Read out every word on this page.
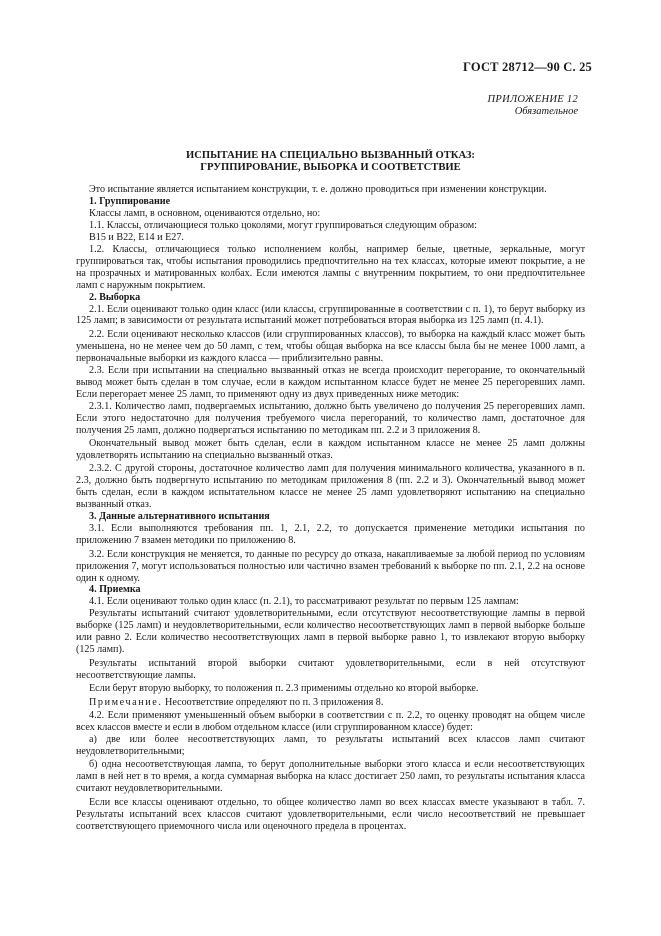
ГОСТ 28712—90 С. 25
ПРИЛОЖЕНИЕ 12
Обязательное
ИСПЫТАНИЕ НА СПЕЦИАЛЬНО ВЫЗВАННЫЙ ОТКАЗ:
ГРУППИРОВАНИЕ, ВЫБОРКА И СООТВЕТСТВИЕ
Это испытание является испытанием конструкции, т. е. должно проводиться при изменении конструкции.
1. Группирование
Классы ламп, в основном, оцениваются отдельно, но:
1.1. Классы, отличающиеся только цоколями, могут группироваться следующим образом:
B15 и B22, E14 и E27.
1.2. Классы, отличающиеся только исполнением колбы, например белые, цветные, зеркальные, могут группироваться так, чтобы испытания проводились предпочтительно на тех классах, которые имеют покрытие, а не на прозрачных и матированных колбах. Если имеются лампы с внутренним покрытием, то они предпочтительнее ламп с наружным покрытием.
2. Выборка
2.1. Если оценивают только один класс (или классы, сгруппированные в соответствии с п. 1), то берут выборку из 125 ламп; в зависимости от результата испытаний может потребоваться вторая выборка из 125 ламп (п. 4.1).
2.2. Если оценивают несколько классов (или сгруппированных классов), то выборка на каждый класс может быть уменьшена, но не менее чем до 50 ламп, с тем, чтобы общая выборка на все классы была бы не менее 1000 ламп, а первоначальные выборки из каждого класса — приблизительно равны.
2.3. Если при испытании на специально вызванный отказ не всегда происходит перегорание, то окончательный вывод может быть сделан в том случае, если в каждом испытанном классе будет не менее 25 перегоревших ламп. Если перегорает менее 25 ламп, то применяют одну из двух приведенных ниже методик:
2.3.1. Количество ламп, подвергаемых испытанию, должно быть увеличено до получения 25 перегоревших ламп. Если этого недостаточно для получения требуемого числа перегораний, то количество ламп, достаточное для получения 25 ламп, должно подвергаться испытанию по методикам пп. 2.2 и 3 приложения 8.
Окончательный вывод может быть сделан, если в каждом испытанном классе не менее 25 ламп должны удовлетворять испытанию на специально вызванный отказ.
2.3.2. С другой стороны, достаточное количество ламп для получения минимального количества, указанного в п. 2.3, должно быть подвергнуто испытанию по методикам приложения 8 (пп. 2.2 и 3). Окончательный вывод может быть сделан, если в каждом испытательном классе не менее 25 ламп удовлетворяют испытанию на специально вызванный отказ.
3. Данные альтернативного испытания
3.1. Если выполняются требования пп. 1, 2.1, 2.2, то допускается применение методики испытания по приложению 7 взамен методики по приложению 8.
3.2. Если конструкция не меняется, то данные по ресурсу до отказа, накапливаемые за любой период по условиям приложения 7, могут использоваться полностью или частично взамен требований к выборке по пп. 2.1, 2.2 на основе один к одному.
4. Приемка
4.1. Если оценивают только один класс (п. 2.1), то рассматривают результат по первым 125 лампам:
Результаты испытаний считают удовлетворительными, если отсутствуют несоответствующие лампы в первой выборке (125 ламп) и неудовлетворительными, если количество несоответствующих ламп в первой выборке больше или равно 2. Если количество несоответствующих ламп в первой выборке равно 1, то извлекают вторую выборку (125 ламп).
Результаты испытаний второй выборки считают удовлетворительными, если в ней отсутствуют несоответствующие лампы.
Если берут вторую выборку, то положения п. 2.3 применимы отдельно ко второй выборке.
Примечание. Несоответствие определяют по п. 3 приложения 8.
4.2. Если применяют уменьшенный объем выборки в соответствии с п. 2.2, то оценку проводят на общем числе всех классов вместе и если в любом отдельном классе (или сгруппированном классе) будет:
а) две или более несоответствующих ламп, то результаты испытаний всех классов ламп считают неудовлетворительными;
б) одна несоответствующая лампа, то берут дополнительные выборки этого класса и если несоответствующих ламп в ней нет в то время, а когда суммарная выборка на класс достигает 250 ламп, то результаты испытания класса считают неудовлетворительными.
Если все классы оценивают отдельно, то общее количество ламп во всех классах вместе указывают в табл. 7. Результаты испытаний всех классов считают удовлетворительными, если число несоответствий не превышает соответствующего приемочного числа или оценочного предела в процентах.
